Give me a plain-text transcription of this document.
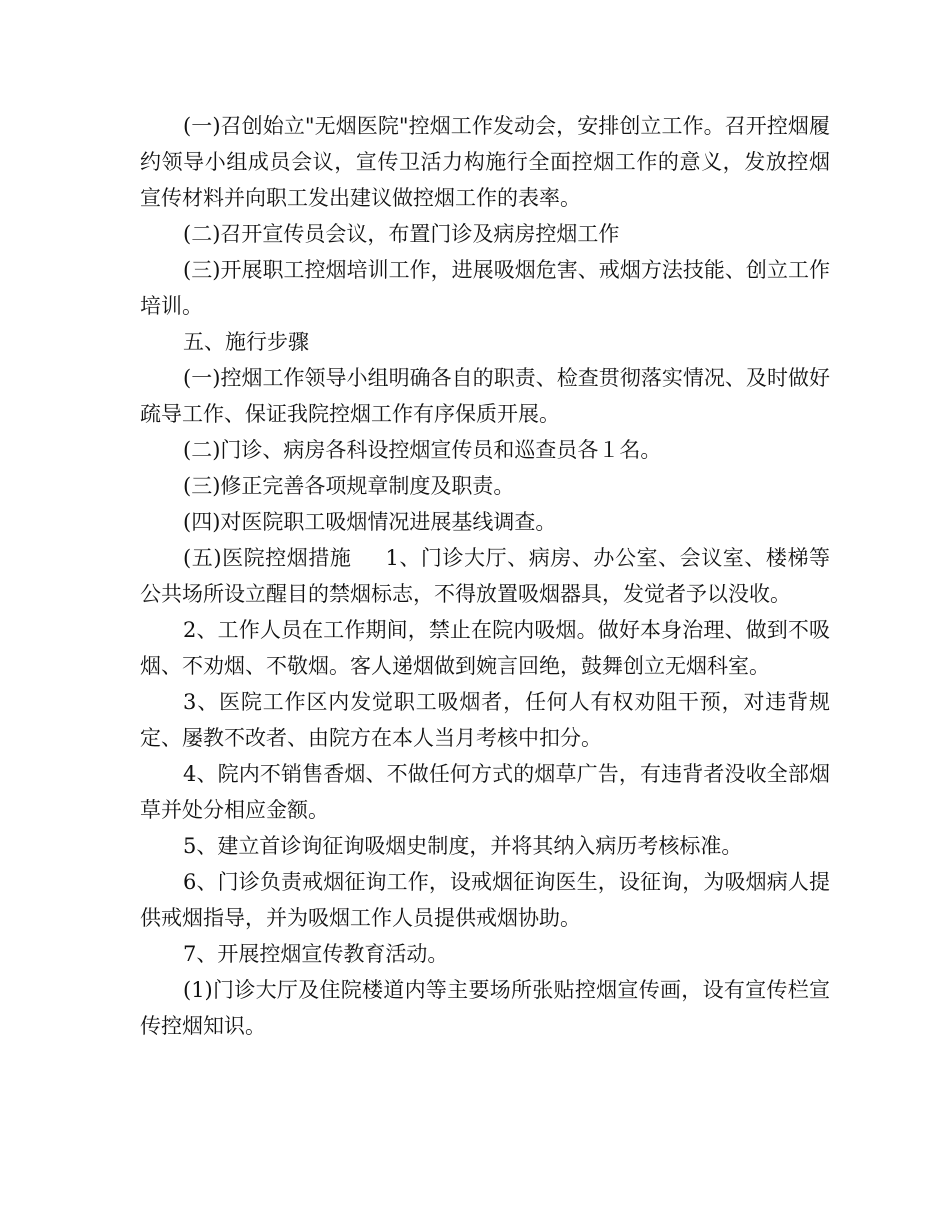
(一)召创始立"无烟医院"控烟工作发动会，安排创立工作。召开控烟履约领导小组成员会议，宣传卫活力构施行全面控烟工作的意义，发放控烟宣传材料并向职工发出建议做控烟工作的表率。

(二)召开宣传员会议，布置门诊及病房控烟工作

(三)开展职工控烟培训工作，进展吸烟危害、戒烟方法技能、创立工作培训。

五、施行步骤

(一)控烟工作领导小组明确各自的职责、检查贯彻落实情况、及时做好疏导工作、保证我院控烟工作有序保质开展。

(二)门诊、病房各科设控烟宣传员和巡查员各１名。

(三)修正完善各项规章制度及职责。

(四)对医院职工吸烟情况进展基线调查。

(五)医院控烟措施 1、门诊大厅、病房、办公室、会议室、楼梯等公共场所设立醒目的禁烟标志，不得放置吸烟器具，发觉者予以没收。

2、工作人员在工作期间，禁止在院内吸烟。做好本身治理、做到不吸烟、不劝烟、不敬烟。客人递烟做到婉言回绝，鼓舞创立无烟科室。

3、医院工作区内发觉职工吸烟者，任何人有权劝阻干预，对违背规定、屡教不改者、由院方在本人当月考核中扣分。

4、院内不销售香烟、不做任何方式的烟草广告，有违背者没收全部烟草并处分相应金额。

5、建立首诊询征询吸烟史制度，并将其纳入病历考核标准。

6、门诊负责戒烟征询工作，设戒烟征询医生，设征询，为吸烟病人提供戒烟指导，并为吸烟工作人员提供戒烟协助。

7、开展控烟宣传教育活动。

(1)门诊大厅及住院楼道内等主要场所张贴控烟宣传画，设有宣传栏宣传控烟知识。
